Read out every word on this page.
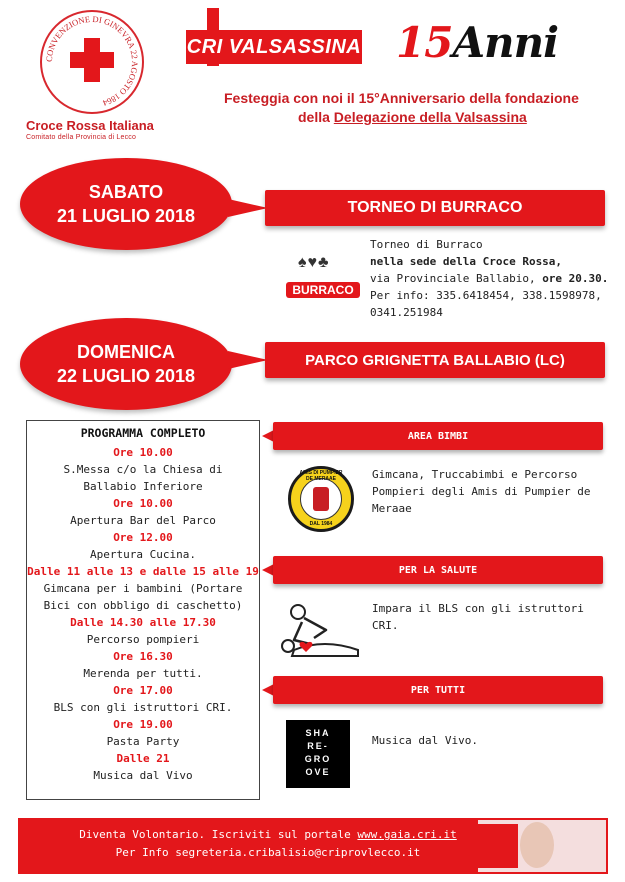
CONVENZIONE DI GINEVRA 22 AGOSTO 1864
Croce Rossa Italiana
Comitato della Provincia di Lecco
CRI VALSASSINA 15Anni
Festeggia con noi il 15°Anniversario della fondazione
della Delegazione della Valsassina
SABATO
21 LUGLIO 2018	TORNEO DI BURRACO
♠♥♣
BURRACO
Torneo di Burraco
nella sede della Croce Rossa,
via Provinciale Ballabio, ore 20.30.
Per info: 335.6418454, 338.1598978,
0341.251984
DOMENICA
22 LUGLIO 2018
PARCO GRIGNETTA BALLABIO (LC)
PROGRAMMA COMPLETO
Ore 10.00
S.Messa c/o la Chiesa di Ballabio Inferiore
Ore 10.00
Apertura Bar del Parco
Ore 12.00
Apertura Cucina.
Dalle 11 alle 13 e dalle 15 alle 19
Gimcana per i bambini (Portare Bici con obbligo di caschetto)
Dalle 14.30 alle 17.30
Percorso pompieri
Ore 16.30
Merenda per tutti.
Ore 17.00
BLS con gli istruttori CRI.
Ore 19.00
Pasta Party
Dalle 21
Musica dal Vivo
AREA BIMBI
AMIS DI PUMPIER DE MERAAE
DAL 1984
Gimcana, Truccabimbi e Percorso Pompieri degli Amis di Pumpier de Meraae
PER LA SALUTE
Impara il BLS con gli istruttori CRI.
PER TUTTI
SHA
RE-
GRO
OVE
Musica dal Vivo.
Diventa Volontario. Iscriviti sul portale www.gaia.cri.it
Per Info segreteria.cribalisio@criprovlecco.it
